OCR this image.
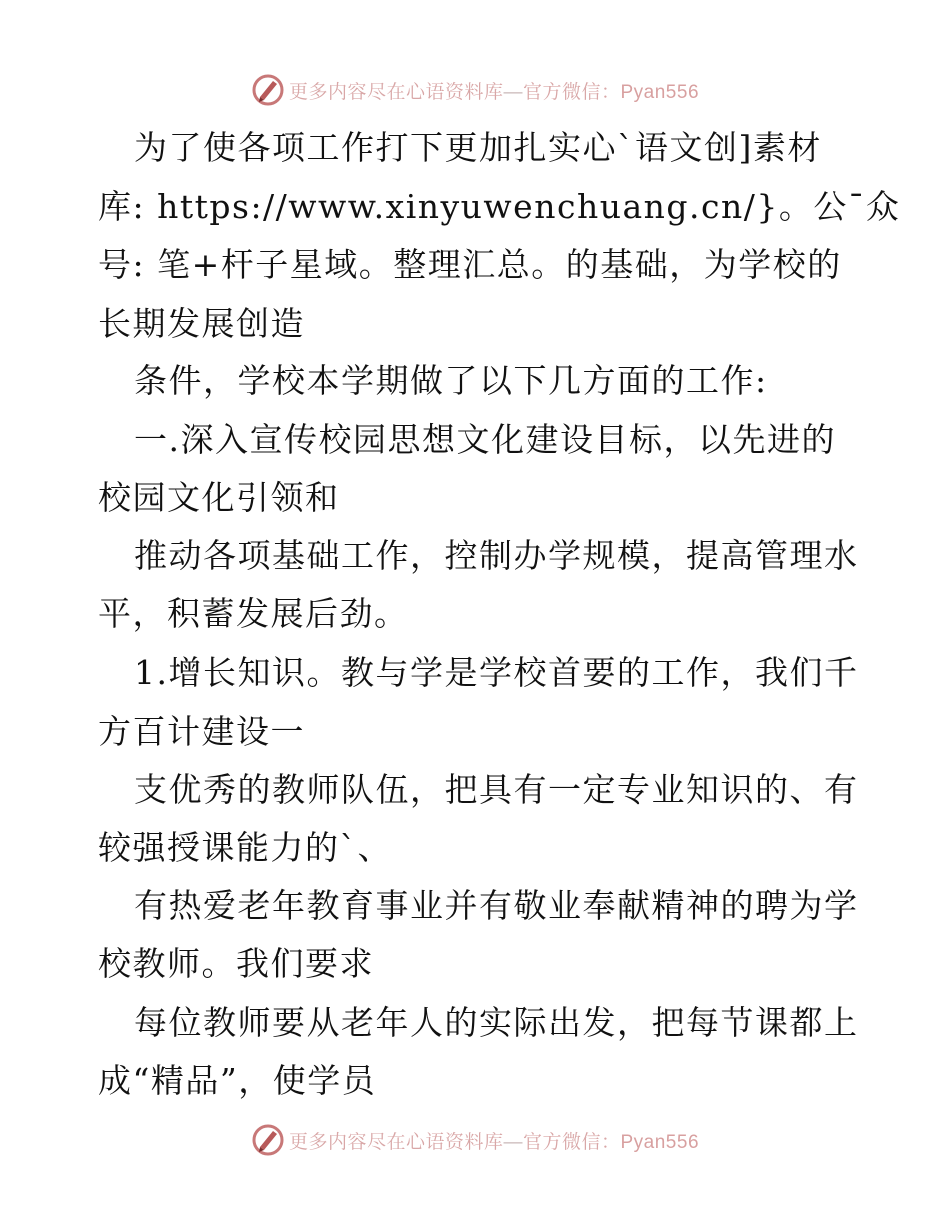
更多内容尽在心语资料库—官方微信：Pyan556
为了使各项工作打下更加扎实心`语文创]素材
库: https://www.xinyuwenchuang.cn/}。公¯众
号: 笔+杆子星域。整理汇总。的基础，为学校的
长期发展创造
条件，学校本学期做了以下几方面的工作:
一.深入宣传校园思想文化建设目标，以先进的
校园文化引领和
推动各项基础工作，控制办学规模，提高管理水
平，积蓄发展后劲。
1.增长知识。教与学是学校首要的工作，我们千
方百计建设一
支优秀的教师队伍，把具有一定专业知识的、有
较强授课能力的`、
有热爱老年教育事业并有敬业奉献精神的聘为学
校教师。我们要求
每位教师要从老年人的实际出发，把每节课都上
成“精品”，使学员
更多内容尽在心语资料库—官方微信：Pyan556
